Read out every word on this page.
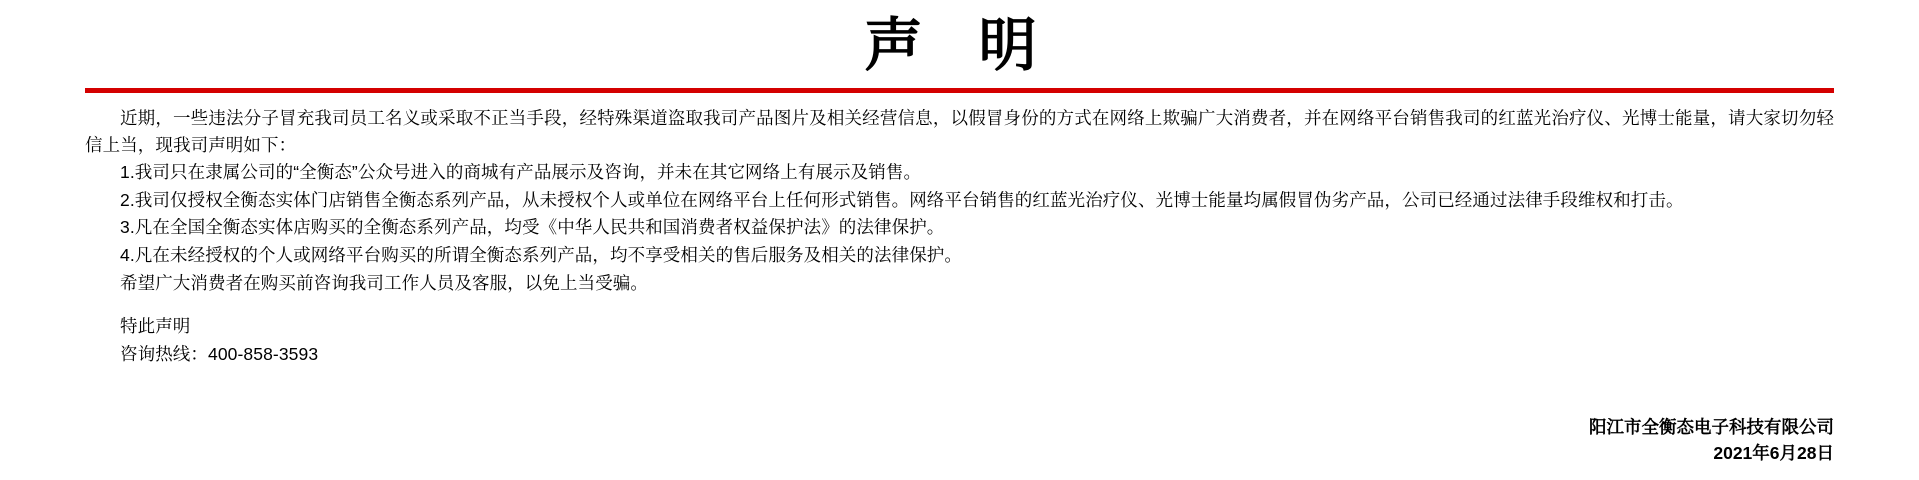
声 明

近期，一些违法分子冒充我司员工名义或采取不正当手段，经特殊渠道盗取我司产品图片及相关经营信息，以假冒身份的方式在网络上欺骗广大消费者，并在网络平台销售我司的红蓝光治疗仪、光博士能量，请大家切勿轻信上当，现我司声明如下：

1.我司只在隶属公司的“全衡态”公众号进入的商城有产品展示及咨询，并未在其它网络上有展示及销售。

2.我司仅授权全衡态实体门店销售全衡态系列产品，从未授权个人或单位在网络平台上任何形式销售。网络平台销售的红蓝光治疗仪、光博士能量均属假冒伪劣产品，公司已经通过法律手段维权和打击。

3.凡在全国全衡态实体店购买的全衡态系列产品，均受《中华人民共和国消费者权益保护法》的法律保护。

4.凡在未经授权的个人或网络平台购买的所谓全衡态系列产品，均不享受相关的售后服务及相关的法律保护。

希望广大消费者在购买前咨询我司工作人员及客服，以免上当受骗。

特此声明

咨询热线：400-858-3593

阳江市全衡态电子科技有限公司
2021年6月28日
